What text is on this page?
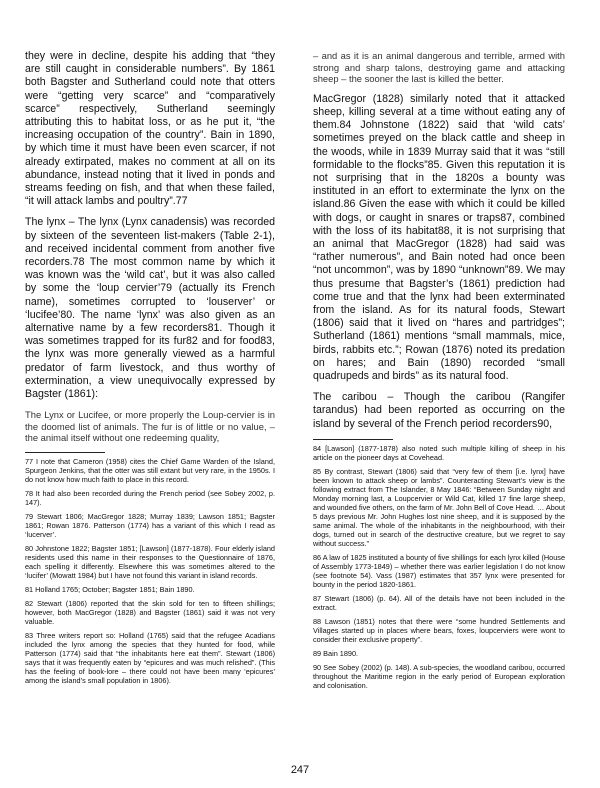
they were in decline, despite his adding that “they are still caught in considerable numbers”. By 1861 both Bagster and Sutherland could note that otters were “getting very scarce” and “comparatively scarce” respectively, Sutherland seemingly attributing this to habitat loss, or as he put it, “the increasing occupation of the country”. Bain in 1890, by which time it must have been even scarcer, if not already extirpated, makes no comment at all on its abundance, instead noting that it lived in ponds and streams feeding on fish, and that when these failed, “it will attack lambs and poultry”.77

The lynx – The lynx (Lynx canadensis) was recorded by sixteen of the seventeen list-makers (Table 2-1), and received incidental comment from another five recorders.78 The most common name by which it was known was the ‘wild cat’, but it was also called by some the ‘loup cervier’79 (actually its French name), sometimes corrupted to ‘louserver’ or ‘lucifee’80. The name ‘lynx’ was also given as an alternative name by a few recorders81. Though it was sometimes trapped for its fur82 and for food83, the lynx was more generally viewed as a harmful predator of farm livestock, and thus worthy of extermination, a view unequivocally expressed by Bagster (1861):

The Lynx or Lucifee, or more properly the Loup-cervier is in the doomed list of animals. The fur is of little or no value, – the animal itself without one redeeming quality,

77 I note that Cameron (1958) cites the Chief Game Warden of the Island, Spurgeon Jenkins, that the otter was still extant but very rare, in the 1950s. I do not know how much faith to place in this record.

78 It had also been recorded during the French period (see Sobey 2002, p. 147).

79 Stewart 1806; MacGregor 1828; Murray 1839; Lawson 1851; Bagster 1861; Rowan 1876. Patterson (1774) has a variant of this which I read as ‘lucerver’.

80 Johnstone 1822; Bagster 1851; [Lawson] (1877-1878). Four elderly island residents used this name in their responses to the Questionnaire of 1876, each spelling it differently. Elsewhere this was sometimes altered to the ‘lucifer’ (Mowatt 1984) but I have not found this variant in island records.

81 Holland 1765; October; Bagster 1851; Bain 1890.

82 Stewart (1806) reported that the skin sold for ten to fifteen shillings; however, both MacGregor (1828) and Bagster (1861) said it was not very valuable.

83 Three writers report so: Holland (1765) said that the refugee Acadians included the lynx among the species that they hunted for food, while Patterson (1774) said that “the inhabitants here eat them”. Stewart (1806) says that it was frequently eaten by “epicures and was much relished”. (This has the feeling of book-lore – there could not have been many ‘epicures’ among the island’s small population in 1806).

– and as it is an animal dangerous and terrible, armed with strong and sharp talons, destroying game and attacking sheep – the sooner the last is killed the better.

MacGregor (1828) similarly noted that it attacked sheep, killing several at a time without eating any of them.84 Johnstone (1822) said that ‘wild cats’ sometimes preyed on the black cattle and sheep in the woods, while in 1839 Murray said that it was “still formidable to the flocks”85. Given this reputation it is not surprising that in the 1820s a bounty was instituted in an effort to exterminate the lynx on the island.86 Given the ease with which it could be killed with dogs, or caught in snares or traps87, combined with the loss of its habitat88, it is not surprising that an animal that MacGregor (1828) had said was “rather numerous”, and Bain noted had once been “not uncommon”, was by 1890 “unknown”89. We may thus presume that Bagster’s (1861) prediction had come true and that the lynx had been exterminated from the island. As for its natural foods, Stewart (1806) said that it lived on “hares and partridges”; Sutherland (1861) mentions “small mammals, mice, birds, rabbits etc.”; Rowan (1876) noted its predation on hares; and Bain (1890) recorded “small quadrupeds and birds” as its natural food.

The caribou – Though the caribou (Rangifer tarandus) had been reported as occurring on the island by several of the French period recorders90,

84 [Lawson] (1877-1878) also noted such multiple killing of sheep in his article on the pioneer days at Covehead.

85 By contrast, Stewart (1806) said that “very few of them [i.e. lynx] have been known to attack sheep or lambs”. Counteracting Stewart’s view is the following extract from The Islander, 8 May 1846: “Between Sunday night and Monday morning last, a Loupcervier or Wild Cat, killed 17 fine large sheep, and wounded five others, on the farm of Mr. John Bell of Cove Head. … About 5 days previous Mr. John Hughes lost nine sheep, and it is supposed by the same animal. The whole of the inhabitants in the neighbourhood, with their dogs, turned out in search of the destructive creature, but we regret to say without success.”

86 A law of 1825 instituted a bounty of five shillings for each lynx killed (House of Assembly 1773-1849) – whether there was earlier legislation I do not know (see footnote 54). Vass (1987) estimates that 357 lynx were presented for bounty in the period 1820-1861.

87 Stewart (1806) (p. 64). All of the details have not been included in the extract.

88 Lawson (1851) notes that there were “some hundred Settlements and Villages started up in places where bears, foxes, loupcerviers were wont to consider their exclusive property”.

89 Bain 1890.

90 See Sobey (2002) (p. 148). A sub-species, the woodland caribou, occurred throughout the Maritime region in the early period of European exploration and colonisation.

247
